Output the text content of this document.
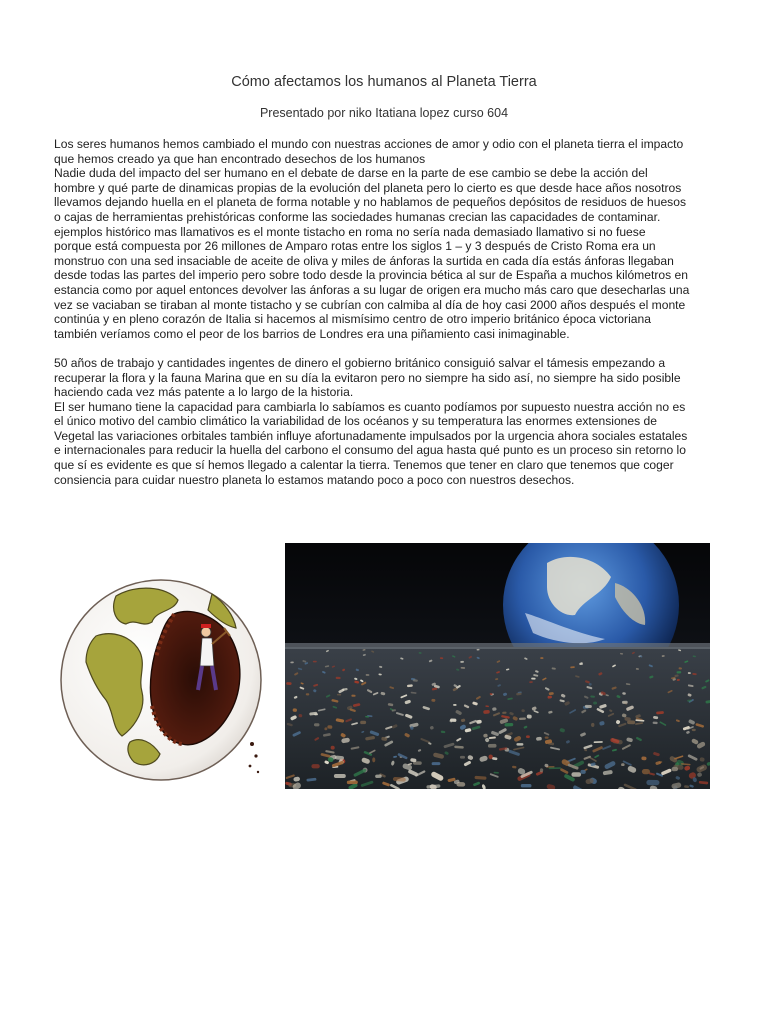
Cómo afectamos los humanos al Planeta Tierra
Presentado por niko Itatiana lopez curso 604

Los seres humanos hemos cambiado el mundo con nuestras acciones de amor y odio con el planeta tierra el impacto

que hemos creado ya que han encontrado desechos de los humanos

Nadie duda del impacto del ser humano en el debate de darse en la parte de ese cambio se debe la acción del

hombre y qué parte de dinamicas propias de la evolución del planeta pero lo cierto es que desde hace años nosotros

llevamos dejando huella en el planeta de forma notable y no hablamos de pequeños depósitos de residuos de huesos

o cajas de herramientas prehistóricas conforme las sociedades humanas crecian las capacidades de contaminar.

ejemplos histórico mas llamativos es el monte tistacho en roma no sería nada demasiado llamativo si no fuese

porque está compuesta por 26 millones de Amparo rotas entre los siglos 1 – y 3 después de Cristo Roma era un

monstruo con una sed insaciable de aceite de oliva y miles de ánforas la surtida en cada día estás ánforas llegaban

desde todas las partes del imperio pero sobre todo desde la provincia bética al sur de España a muchos kilómetros en

estancia como por aquel entonces devolver las ánforas a su lugar de origen era mucho más caro que desecharlas una

vez se vaciaban se tiraban al monte tistacho y se cubrían con calmiba al día de hoy casi 2000 años después el monte

continúa y en pleno corazón de Italia si hacemos al mismísimo centro de otro imperio británico época victoriana

también veríamos como el peor de los barrios de Londres era una piñamiento casi inimaginable.

50 años de trabajo y cantidades ingentes de dinero el gobierno británico consiguió salvar el támesis empezando a

recuperar la flora y la fauna Marina que en su día la evitaron pero no siempre ha sido así, no siempre ha sido posible

haciendo cada vez más patente a lo largo de la historia.

El ser humano tiene la capacidad para cambiarla lo sabíamos es cuanto podíamos por supuesto nuestra acción no es

el único motivo del cambio climático la variabilidad de los océanos y su temperatura las enormes extensiones de

Vegetal las variaciones orbitales también influye afortunadamente impulsados por la urgencia ahora sociales estatales

e internacionales para reducir la huella del carbono el consumo del agua hasta qué punto es un proceso sin retorno lo

que sí es evidente es que sí hemos llegado a calentar la tierra. Tenemos que tener en claro que tenemos que coger

consiencia para cuidar nuestro planeta lo estamos matando poco a poco con nuestros desechos.
